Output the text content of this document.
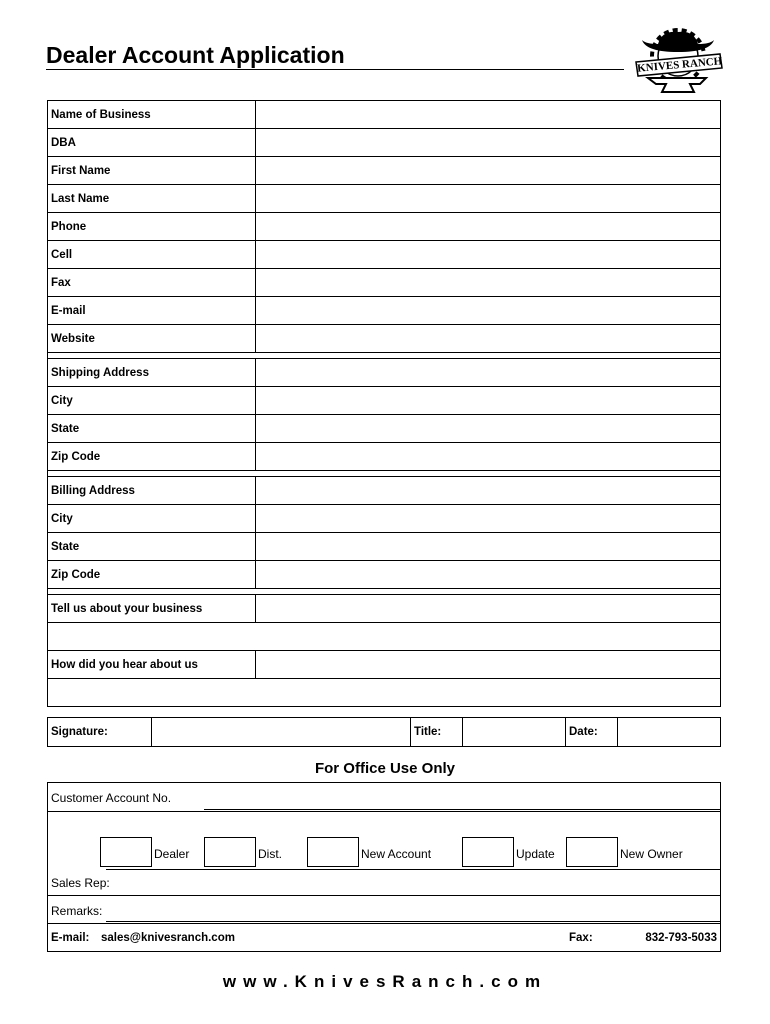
Dealer Account Application	KNIVES RANCH
Name of Business	
DBA	
First Name	
Last Name	
Phone	
Cell	
Fax	
E-mail	
Website	

Shipping Address	
City	
State	
Zip Code	

Billing Address	
City	
State	
Zip Code	

Tell us about your business	

How did you hear about us	

Signature:		Title:		Date:	
For Office Use Only
Customer Account No.
Dealer	Dist.	New Account	Update	New Owner
Sales Rep:
Remarks:
E-mail: sales@knivesranch.com	Fax:	832-793-5033
www.KnivesRanch.com
